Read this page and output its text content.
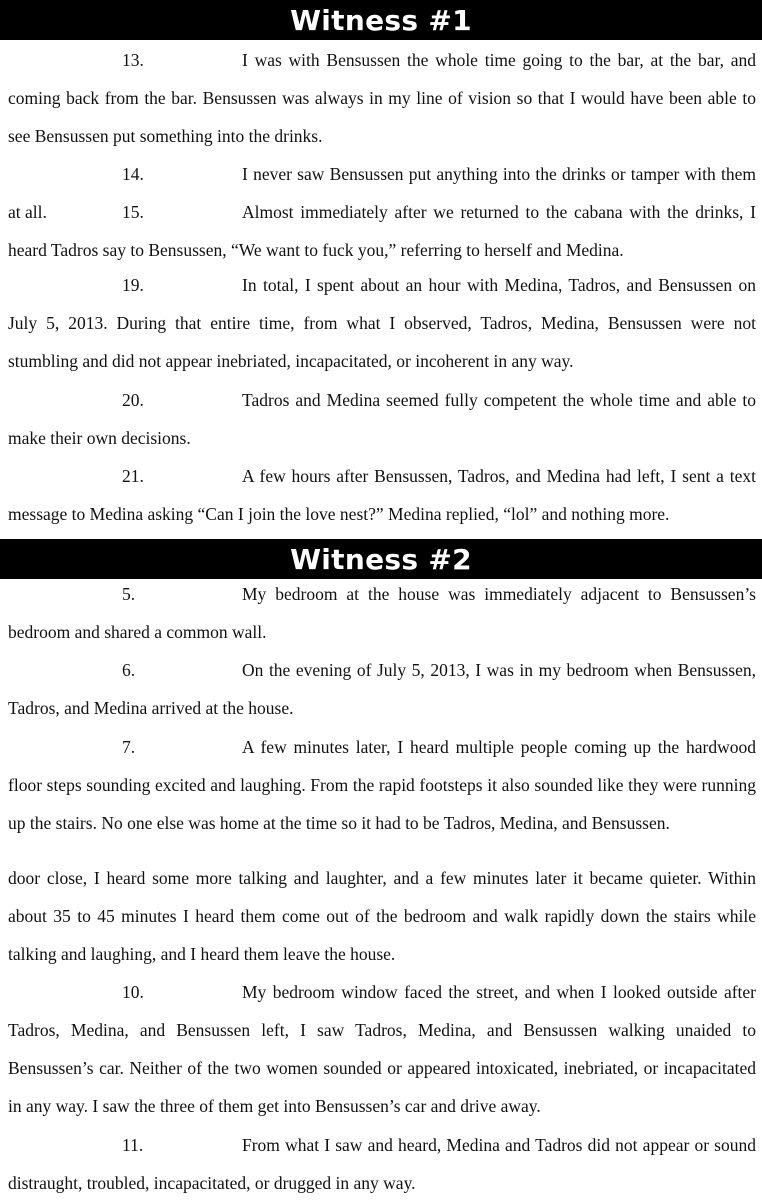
Witness #1
13.	I was with Bensussen the whole time going to the bar, at the bar, and coming back from the bar. Bensussen was always in my line of vision so that I would have been able to see Bensussen put something into the drinks.
14.	I never saw Bensussen put anything into the drinks or tamper with them at all.	15.	Almost immediately after we returned to the cabana with the drinks, I heard Tadros say to Bensussen, “We want to fuck you,” referring to herself and Medina.
19.	In total, I spent about an hour with Medina, Tadros, and Bensussen on July 5, 2013. During that entire time, from what I observed, Tadros, Medina, Bensussen were not stumbling and did not appear inebriated, incapacitated, or incoherent in any way.
20.	Tadros and Medina seemed fully competent the whole time and able to make their own decisions.
21.	A few hours after Bensussen, Tadros, and Medina had left, I sent a text message to Medina asking “Can I join the love nest?” Medina replied, “lol” and nothing more.
Witness #2
5.	My bedroom at the house was immediately adjacent to Bensussen’s bedroom and shared a common wall.
6.	On the evening of July 5, 2013, I was in my bedroom when Bensussen, Tadros, and Medina arrived at the house.
7.	A few minutes later, I heard multiple people coming up the hardwood floor steps sounding excited and laughing. From the rapid footsteps it also sounded like they were running up the stairs. No one else was home at the time so it had to be Tadros, Medina, and Bensussen.
door close, I heard some more talking and laughter, and a few minutes later it became quieter. Within about 35 to 45 minutes I heard them come out of the bedroom and walk rapidly down the stairs while talking and laughing, and I heard them leave the house.
10.	My bedroom window faced the street, and when I looked outside after Tadros, Medina, and Bensussen left, I saw Tadros, Medina, and Bensussen walking unaided to Bensussen’s car. Neither of the two women sounded or appeared intoxicated, inebriated, or incapacitated in any way. I saw the three of them get into Bensussen’s car and drive away.
11.	From what I saw and heard, Medina and Tadros did not appear or sound distraught, troubled, incapacitated, or drugged in any way.
